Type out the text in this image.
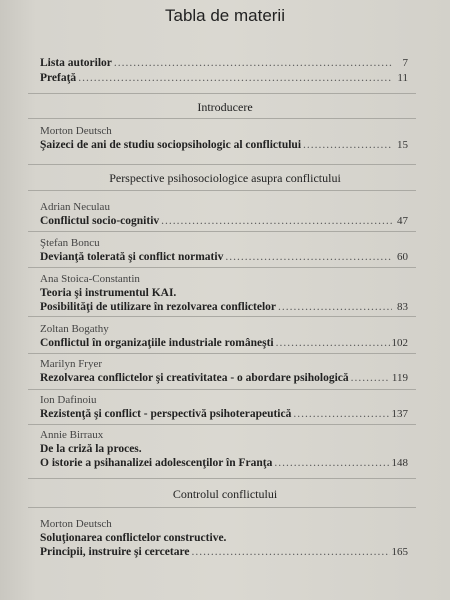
Tabla de materii
Lista autorilor .....	7
Prefaţă .....	11
Introducere
Morton Deutsch
Şaizeci de ani de studiu sociopsihologic al conflictului .....	15
Perspective psihosociologice asupra conflictului
Adrian Neculau
Conflictul socio-cognitiv .....	47
Ştefan Boncu
Devianţă tolerată şi conflict normativ .....	60
Ana Stoica-Constantin
Teoria şi instrumentul KAI.
Posibilităţi de utilizare în rezolvarea conflictelor .....	83
Zoltan Bogathy
Conflictul în organizaţiile industriale româneşti .....	102
Marilyn Fryer
Rezolvarea conflictelor şi creativitatea - o abordare psihologică .....	119
Ion Dafinoiu
Rezistenţă şi conflict - perspectivă psihoterapeutică .....	137
Annie Birraux
De la criză la proces.
O istorie a psihanalizei adolescenţilor în Franţa .....	148
Controlul conflictului
Morton Deutsch
Soluţionarea conflictelor constructive.
Principii, instruire şi cercetare .....	165
